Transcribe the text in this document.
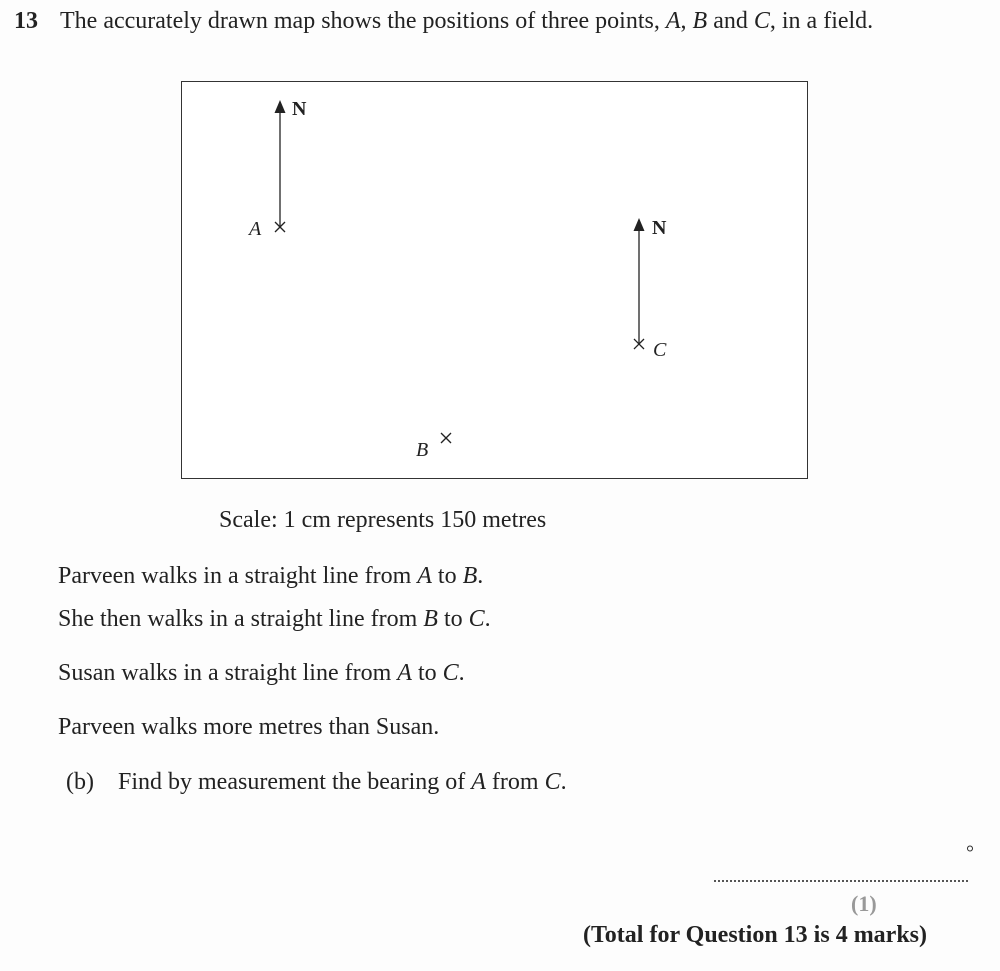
13 The accurately drawn map shows the positions of three points, A, B and C, in a field.
N
A	N
C
B
Scale: 1 cm represents 150 metres
Parveen walks in a straight line from A to B.
She then walks in a straight line from B to C.
Susan walks in a straight line from A to C.
Parveen walks more metres than Susan.
(b) Find by measurement the bearing of A from C.
°
(1)
(Total for Question 13 is 4 marks)
